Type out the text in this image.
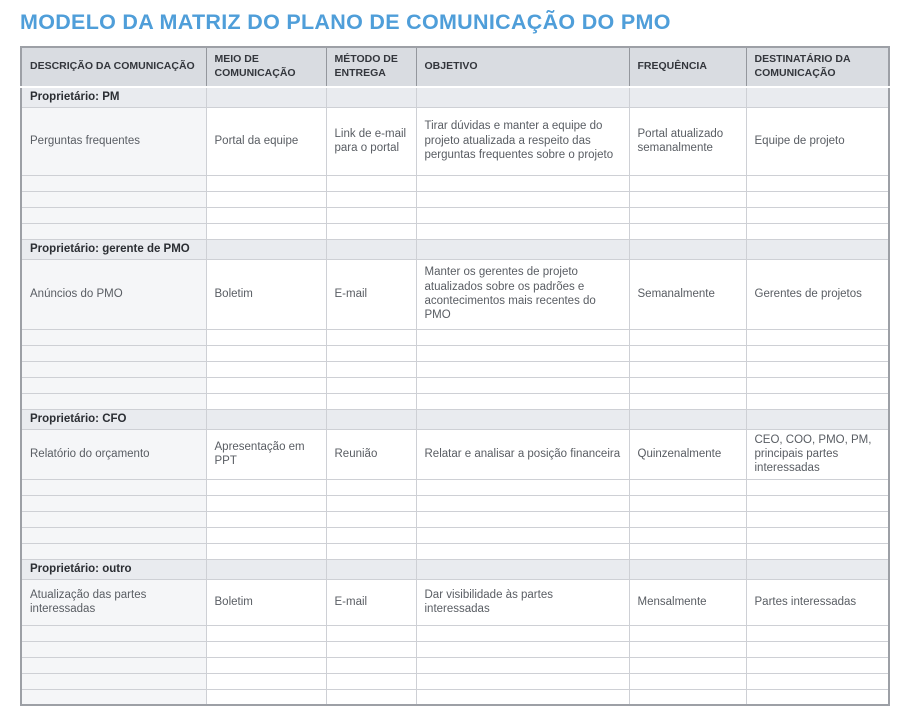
MODELO DA MATRIZ DO PLANO DE COMUNICAÇÃO DO PMO
DESCRIÇÃO DA COMUNICAÇÃO	MEIO DE COMUNICAÇÃO	MÉTODO DE ENTREGA	OBJETIVO	FREQUÊNCIA	DESTINATÁRIO DA COMUNICAÇÃO
Proprietário: PM					
Perguntas frequentes	Portal da equipe	Link de e-mail para o portal	Tirar dúvidas e manter a equipe do projeto atualizada a respeito das perguntas frequentes sobre o projeto	Portal atualizado semanalmente	Equipe de projeto

Proprietário: gerente de PMO					
Anúncios do PMO	Boletim	E-mail	Manter os gerentes de projeto atualizados sobre os padrões e acontecimentos mais recentes do PMO	Semanalmente	Gerentes de projetos

Proprietário: CFO					
Relatório do orçamento	Apresentação em PPT	Reunião	Relatar e analisar a posição financeira	Quinzenalmente	CEO, COO, PMO, PM, principais partes interessadas

Proprietário: outro					
Atualização das partes interessadas	Boletim	E-mail	Dar visibilidade às partes interessadas	Mensalmente	Partes interessadas
